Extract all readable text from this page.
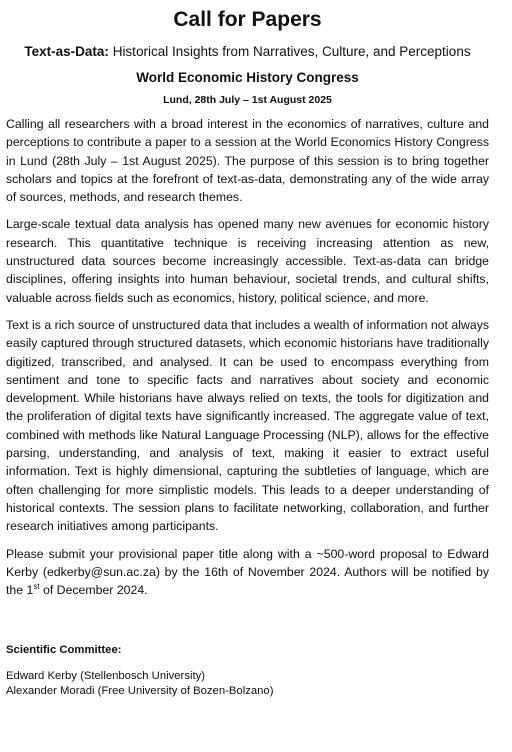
Call for Papers
Text-as-Data: Historical Insights from Narratives, Culture, and Perceptions
World Economic History Congress
Lund, 28th July – 1st August 2025

Calling all researchers with a broad interest in the economics of narratives, culture and perceptions to contribute a paper to a session at the World Economics History Congress in Lund (28th July – 1st August 2025). The purpose of this session is to bring together scholars and topics at the forefront of text-as-data, demonstrating any of the wide array of sources, methods, and research themes.

Large-scale textual data analysis has opened many new avenues for economic history research. This quantitative technique is receiving increasing attention as new, unstructured data sources become increasingly accessible. Text-as-data can bridge disciplines, offering insights into human behaviour, societal trends, and cultural shifts, valuable across fields such as economics, history, political science, and more.

Text is a rich source of unstructured data that includes a wealth of information not always easily captured through structured datasets, which economic historians have traditionally digitized, transcribed, and analysed. It can be used to encompass everything from sentiment and tone to specific facts and narratives about society and economic development. While historians have always relied on texts, the tools for digitization and the proliferation of digital texts have significantly increased. The aggregate value of text, combined with methods like Natural Language Processing (NLP), allows for the effective parsing, understanding, and analysis of text, making it easier to extract useful information. Text is highly dimensional, capturing the subtleties of language, which are often challenging for more simplistic models. This leads to a deeper understanding of historical contexts. The session plans to facilitate networking, collaboration, and further research initiatives among participants.

Please submit your provisional paper title along with a ~500-word proposal to Edward Kerby (edkerby@sun.ac.za) by the 16th of November 2024. Authors will be notified by the 1st of December 2024.

Scientific Committee:
Edward Kerby (Stellenbosch University)
Alexander Moradi (Free University of Bozen-Bolzano)
